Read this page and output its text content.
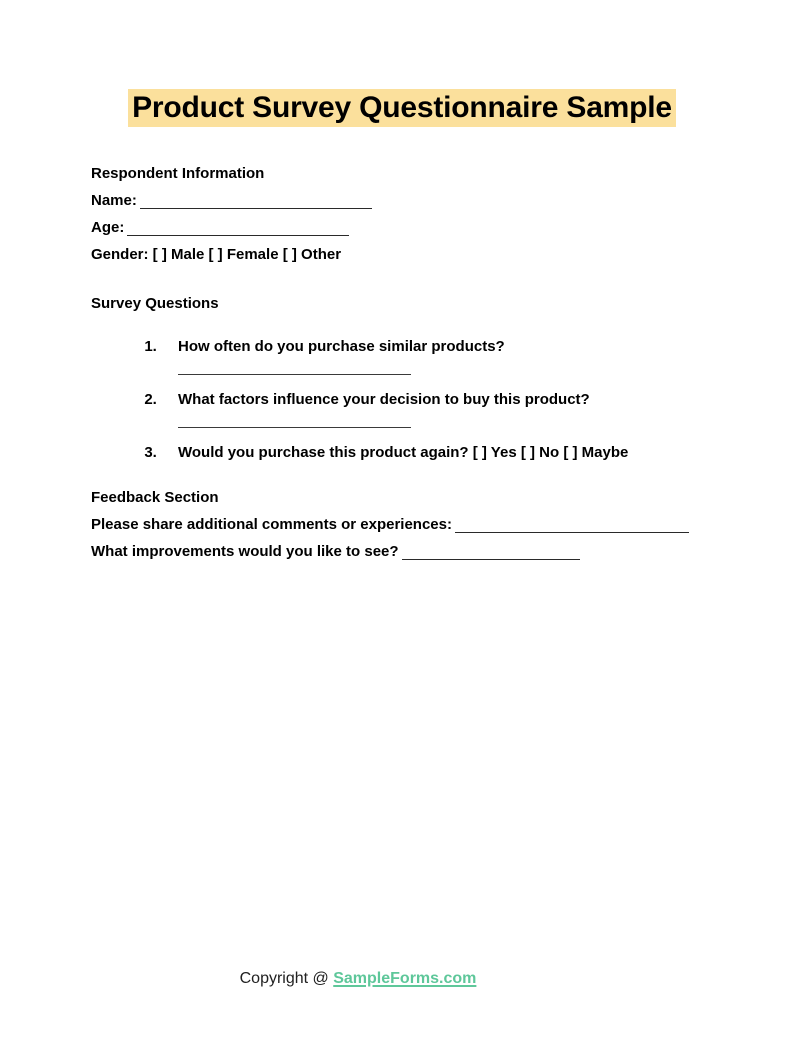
Product Survey Questionnaire Sample
Respondent Information
Name:
Age:
Gender: [ ] Male [ ] Female [ ] Other
Survey Questions
1. How often do you purchase similar products?
2. What factors influence your decision to buy this product?
3. Would you purchase this product again? [ ] Yes [ ] No [ ] Maybe
Feedback Section
Please share additional comments or experiences:
What improvements would you like to see?
Copyright @ SampleForms.com
